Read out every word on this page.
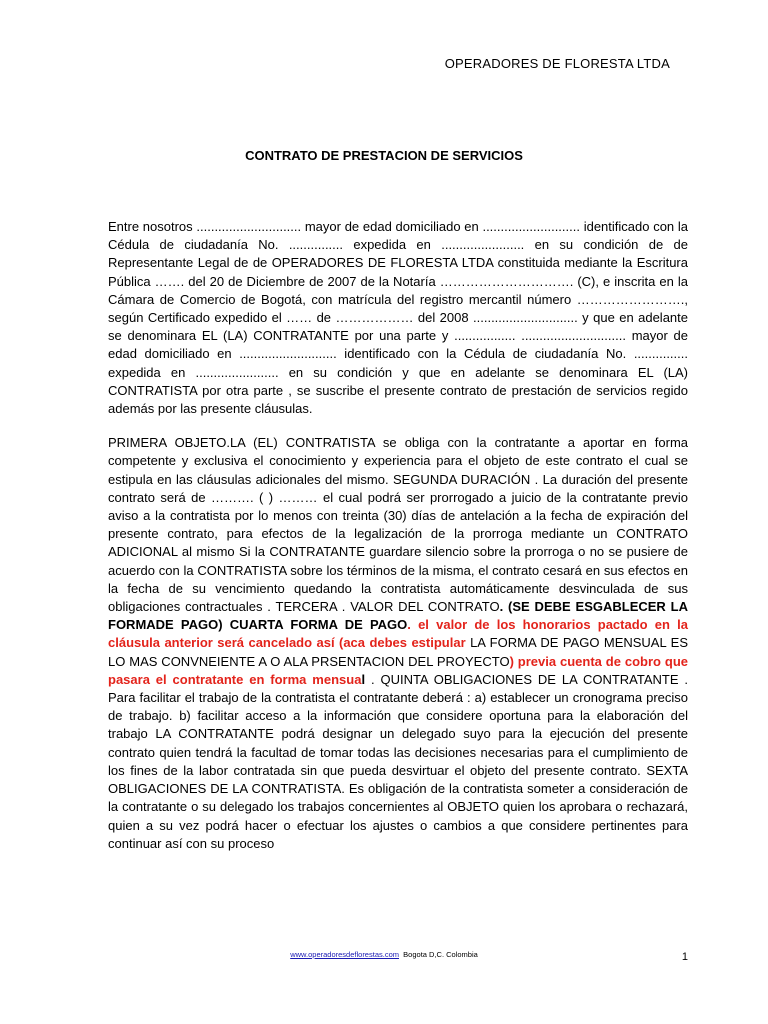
OPERADORES DE FLORESTA LTDA
CONTRATO DE PRESTACION DE SERVICIOS

Entre nosotros ............................. mayor de edad domiciliado en ........................... identificado con la Cédula de ciudadanía No. ............... expedida en ....................... en su condición de de Representante Legal de de OPERADORES DE FLORESTA LTDA constituida mediante la Escritura Pública ……. del 20 de Diciembre de 2007 de la Notaría …………………………. (C), e inscrita en la Cámara de Comercio de Bogotá, con matrícula del registro mercantil número ……………………., según Certificado expedido el …… de ……………… del 2008 ............................. y que en adelante se denominara EL (LA) CONTRATANTE por una parte y ................. ............................. mayor de edad domiciliado en ........................... identificado con la Cédula de ciudadanía No. ............... expedida en ....................... en su condición y que en adelante se denominara EL (LA) CONTRATISTA por otra parte , se suscribe el presente contrato de prestación de servicios regido además por las presente cláusulas.

PRIMERA OBJETO.LA (EL) CONTRATISTA se obliga con la contratante a aportar en forma competente y exclusiva el conocimiento y experiencia para el objeto de este contrato el cual se estipula en las cláusulas adicionales del mismo. SEGUNDA DURACIÓN . La duración del presente contrato será de ………. ( ) ……… el cual podrá ser prorrogado a juicio de la contratante previo aviso a la contratista por lo menos con treinta (30) días de antelación a la fecha de expiración del presente contrato, para efectos de la legalización de la prorroga mediante un CONTRATO ADICIONAL al mismo Si la CONTRATANTE guardare silencio sobre la prorroga o no se pusiere de acuerdo con la CONTRATISTA sobre los términos de la misma, el contrato cesará en sus efectos en la fecha de su vencimiento quedando la contratista automáticamente desvinculada de sus obligaciones contractuales . TERCERA . VALOR DEL CONTRATO. (SE DEBE ESGABLECER LA FORMADE PAGO) CUARTA FORMA DE PAGO. el valor de los honorarios pactado en la cláusula anterior será cancelado así (aca debes estipular LA FORMA DE PAGO MENSUAL ES LO MAS CONVNEIENTE A O ALA PRSENTACION DEL PROYECTO) previa cuenta de cobro que pasara el contratante en forma mensual . QUINTA OBLIGACIONES DE LA CONTRATANTE . Para facilitar el trabajo de la contratista el contratante deberá : a) establecer un cronograma preciso de trabajo. b) facilitar acceso a la información que considere oportuna para la elaboración del trabajo LA CONTRATANTE podrá designar un delegado suyo para la ejecución del presente contrato quien tendrá la facultad de tomar todas las decisiones necesarias para el cumplimiento de los fines de la labor contratada sin que pueda desvirtuar el objeto del presente contrato. SEXTA OBLIGACIONES DE LA CONTRATISTA. Es obligación de la contratista someter a consideración de la contratante o su delegado los trabajos concernientes al OBJETO quien los aprobara o rechazará, quien a su vez podrá hacer o efectuar los ajustes o cambios a que considere pertinentes para continuar así con su proceso

www.operadoresdeflorestas.com Bogota D,C. Colombia	1
